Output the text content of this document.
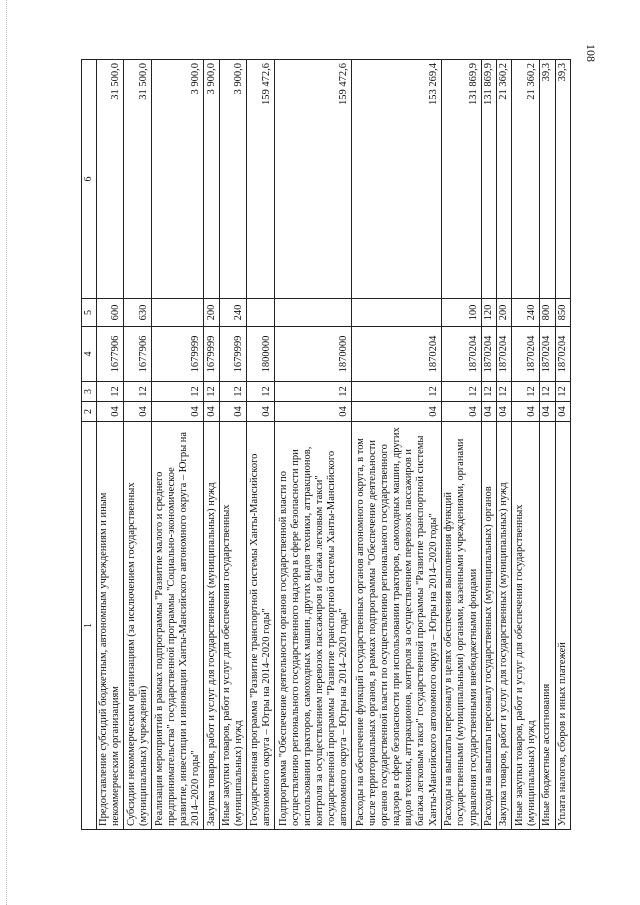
108
1	2	3	4	5	6
Предоставление субсидий бюджетным, автономным учреждениям и иным некоммерческим организациям	04	12	1677906	600	31 500,0
Субсидии некоммерческим организациям (за исключением государственных (муниципальных) учреждений)	04	12	1677906	630	31 500,0
Реализация мероприятий в рамках подпрограммы "Развитие малого и среднего предпринимательства" государственной программы "Социально-экономическое развитие, инвестиции и инновации Ханты-Мансийского автономного округа – Югры на 2014–2020 годы"	04	12	1679999		3 900,0
Закупка товаров, работ и услуг для государственных (муниципальных) нужд	04	12	1679999	200	3 900,0
Иные закупки товаров, работ и услуг для обеспечения государственных (муниципальных) нужд	04	12	1679999	240	3 900,0
Государственная программа "Развитие транспортной системы Ханты-Мансийского автономного округа – Югры на 2014–2020 годы"	04	12	1800000		159 472,6
Подпрограмма "Обеспечение деятельности органов государственной власти по осуществлению регионального государственного надзора в сфере безопасности при использовании тракторов, самоходных машин, других видов техники, аттракционов, контроля за осуществлением перевозок пассажиров и багажа легковым такси" государственной программы "Развитие транспортной системы Ханты-Мансийского автономного округа – Югры на 2014–2020 годы"	04	12	1870000		159 472,6
Расходы на обеспечение функций государственных органов автономного округа, в том числе территориальных органов, в рамках подпрограммы "Обеспечение деятельности органов государственной власти по осуществлению регионального государственного надзора в сфере безопасности при использовании тракторов, самоходных машин, других видов техники, аттракционов, контроля за осуществлением перевозок пассажиров и багажа легковым такси" государственной программы "Развитие транспортной системы Ханты-Мансийского автономного округа – Югры на 2014–2020 годы"	04	12	1870204		153 269,4
Расходы на выплаты персоналу в целях обеспечения выполнения функций государственными (муниципальными) органами, казенными учреждениями, органами управления государственными внебюджетными фондами	04	12	1870204	100	131 869,9
Расходы на выплаты персоналу государственных (муниципальных) органов	04	12	1870204	120	131 869,9
Закупка товаров, работ и услуг для государственных (муниципальных) нужд	04	12	1870204	200	21 360,2
Иные закупки товаров, работ и услуг для обеспечения государственных (муниципальных) нужд	04	12	1870204	240	21 360,2
Иные бюджетные ассигнования	04	12	1870204	800	39,3
Уплата налогов, сборов и иных платежей	04	12	1870204	850	39,3
